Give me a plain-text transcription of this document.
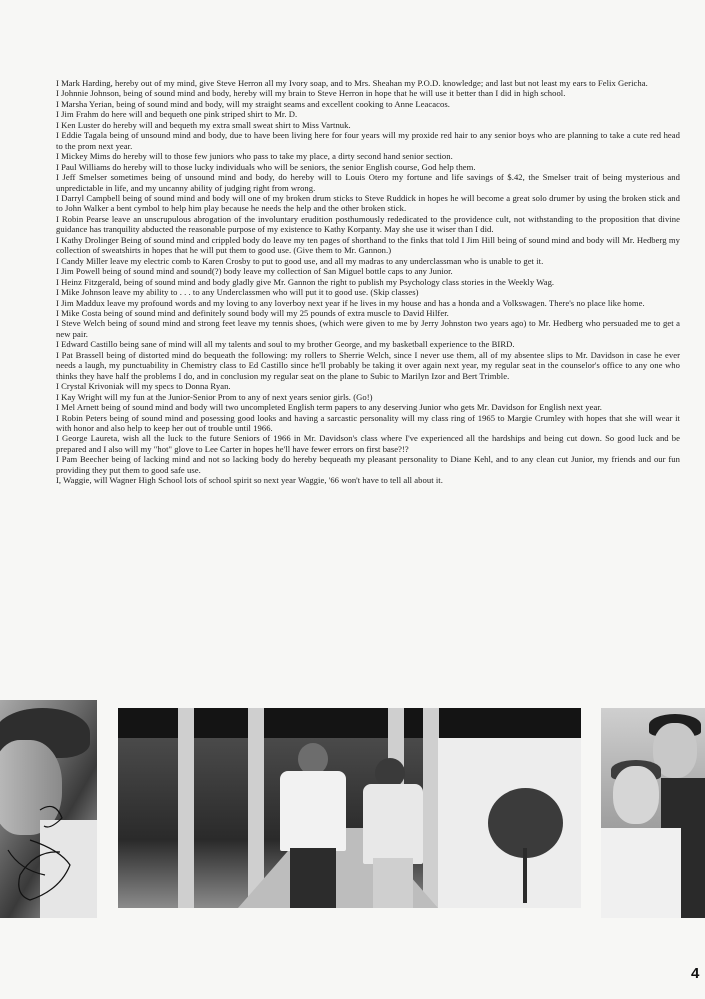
I Mark Harding, hereby out of my mind, give Steve Herron all my Ivory soap, and to Mrs. Sheahan my P.O.D. knowledge; and last but not least my ears to Felix Gericha.

I Johnnie Johnson, being of sound mind and body, hereby will my brain to Steve Herron in hope that he will use it better than I did in high school.

I Marsha Yerian, being of sound mind and body, will my straight seams and excellent cooking to Anne Leacacos.

I Jim Frahm do here will and bequeth one pink striped shirt to Mr. D.

I Ken Luster do hereby will and bequeth my extra small sweat shirt to Miss Vartnuk.

I Eddie Tagala being of unsound mind and body, due to have been living here for four years will my proxide red hair to any senior boys who are planning to take a cute red head to the prom next year.

I Mickey Mims do hereby will to those few juniors who pass to take my place, a dirty second hand senior section.

I Paul Williams do hereby will to those lucky individuals who will be seniors, the senior English course, God help them.

I Jeff Smelser sometimes being of unsound mind and body, do hereby will to Louis Otero my fortune and life savings of $.42, the Smelser trait of being mysterious and unpredictable in life, and my uncanny ability of judging right from wrong.

I Darryl Campbell being of sound mind and body will one of my broken drum sticks to Steve Ruddick in hopes he will become a great solo drumer by using the broken stick and to John Walker a bent cymbol to help him play because he needs the help and the other broken stick.

I Robin Pearse leave an unscrupulous abrogation of the involuntary erudition posthumously rededicated to the providence cult, not withstanding to the proposition that divine guidance has tranquility abducted the reasonable purpose of my existence to Kathy Korpanty. May she use it wiser than I did.

I Kathy Drolinger Being of sound mind and crippled body do leave my ten pages of shorthand to the finks that told I Jim Hill being of sound mind and body will Mr. Hedberg my collection of sweatshirts in hopes that he will put them to good use. (Give them to Mr. Gannon.)

I Candy Miller leave my electric comb to Karen Crosby to put to good use, and all my madras to any underclassman who is unable to get it.

I Jim Powell being of sound mind and sound(?) body leave my collection of San Miguel bottle caps to any Junior.

I Heinz Fitzgerald, being of sound mind and body gladly give Mr. Gannon the right to publish my Psychology class stories in the Weekly Wag.

I Mike Johnson leave my ability to . . . to any Underclassmen who will put it to good use. (Skip classes)

I Jim Maddux leave my profound words and my loving to any loverboy next year if he lives in my house and has a honda and a Volkswagen. There's no place like home.

I Mike Costa being of sound mind and definitely sound body will my 25 pounds of extra muscle to David Hilfer.

I Steve Welch being of sound mind and strong feet leave my tennis shoes, (which were given to me by Jerry Johnston two years ago) to Mr. Hedberg who persuaded me to get a new pair.

I Edward Castillo being sane of mind will all my talents and soul to my brother George, and my basketball experience to the BIRD.

I Pat Brassell being of distorted mind do bequeath the following: my rollers to Sherrie Welch, since I never use them, all of my absentee slips to Mr. Davidson in case he ever needs a laugh, my punctuability in Chemistry class to Ed Castillo since he'll probably be taking it over again next year, my regular seat in the counselor's office to any one who thinks they have half the problems I do, and in conclusion my regular seat on the plane to Subic to Marilyn Izor and Bert Trimble.

I Crystal Krivoniak will my specs to Donna Ryan.

I Kay Wright will my fun at the Junior-Senior Prom to any of next years senior girls. (Go!)

I Mel Arnett being of sound mind and body will two uncompleted English term papers to any deserving Junior who gets Mr. Davidson for English next year.

I Robin Peters being of sound mind and posessing good looks and having a sarcastic personality will my class ring of 1965 to Margie Crumley with hopes that she will wear it with honor and also help to keep her out of trouble until 1966.

I George Laureta, wish all the luck to the future Seniors of 1966 in Mr. Davidson's class where I've experienced all the hardships and being cut down. So good luck and be prepared and I also will my "hot" glove to Lee Carter in hopes he'll have fewer errors on first base?!?

I Pam Beecher being of lacking mind and not so lacking body do hereby bequeath my pleasant personality to Diane Kehl, and to any clean cut Junior, my friends and our fun providing they put them to good safe use.

I, Waggie, will Wagner High School lots of school spirit so next year Waggie, '66 won't have to tell all about it.

4
